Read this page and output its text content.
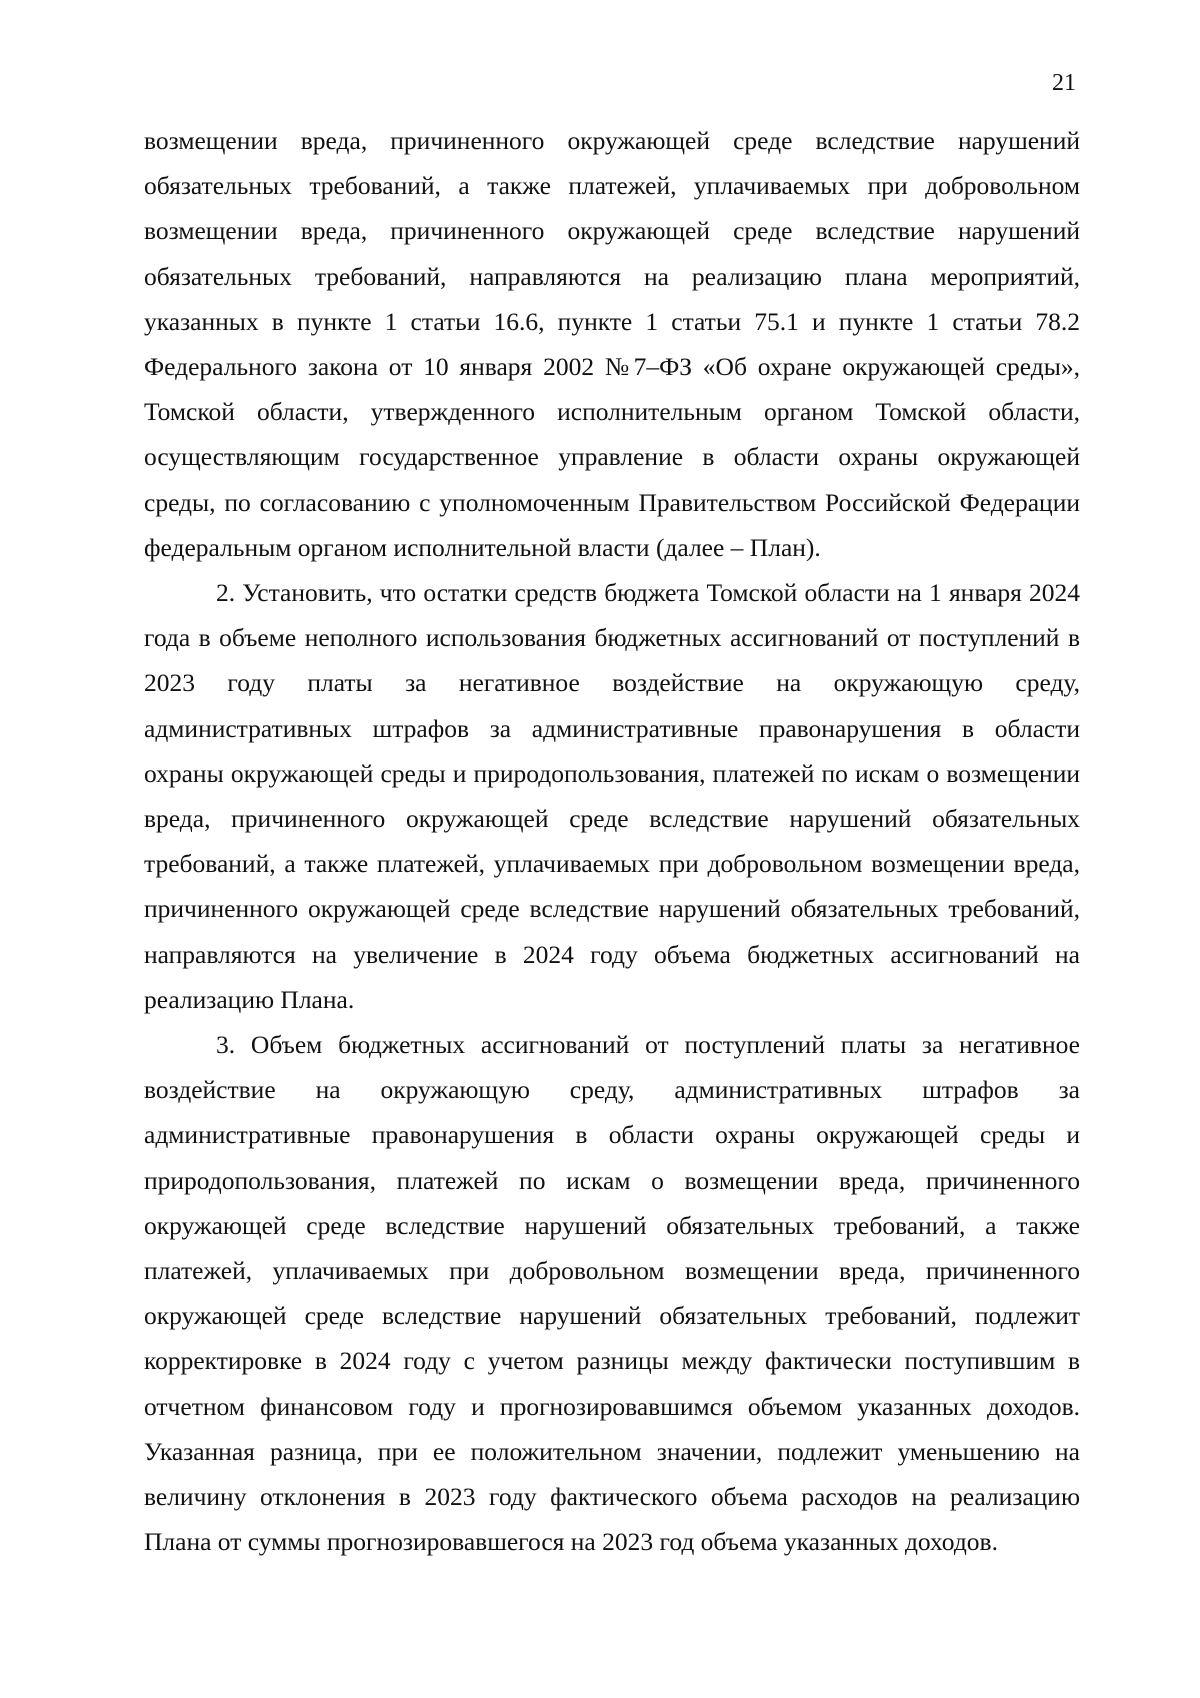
21

возмещении вреда, причиненного окружающей среде вследствие нарушений обязательных требований, а также платежей, уплачиваемых при добровольном возмещении вреда, причиненного окружающей среде вследствие нарушений обязательных требований, направляются на реализацию плана мероприятий, указанных в пункте 1 статьи 16.6, пункте 1 статьи 75.1 и пункте 1 статьи 78.2 Федерального закона от 10 января 2002 №7–ФЗ «Об охране окружающей среды», Томской области, утвержденного исполнительным органом Томской области, осуществляющим государственное управление в области охраны окружающей среды, по согласованию с уполномоченным Правительством Российской Федерации федеральным органом исполнительной власти (далее – План).

2. Установить, что остатки средств бюджета Томской области на 1 января 2024 года в объеме неполного использования бюджетных ассигнований от поступлений в 2023 году платы за негативное воздействие на окружающую среду, административных штрафов за административные правонарушения в области охраны окружающей среды и природопользования, платежей по искам о возмещении вреда, причиненного окружающей среде вследствие нарушений обязательных требований, а также платежей, уплачиваемых при добровольном возмещении вреда, причиненного окружающей среде вследствие нарушений обязательных требований, направляются на увеличение в 2024 году объема бюджетных ассигнований на реализацию Плана.

3. Объем бюджетных ассигнований от поступлений платы за негативное воздействие на окружающую среду, административных штрафов за административные правонарушения в области охраны окружающей среды и природопользования, платежей по искам о возмещении вреда, причиненного окружающей среде вследствие нарушений обязательных требований, а также платежей, уплачиваемых при добровольном возмещении вреда, причиненного окружающей среде вследствие нарушений обязательных требований, подлежит корректировке в 2024 году с учетом разницы между фактически поступившим в отчетном финансовом году и прогнозировавшимся объемом указанных доходов. Указанная разница, при ее положительном значении, подлежит уменьшению на величину отклонения в 2023 году фактического объема расходов на реализацию Плана от суммы прогнозировавшегося на 2023 год объема указанных доходов.
